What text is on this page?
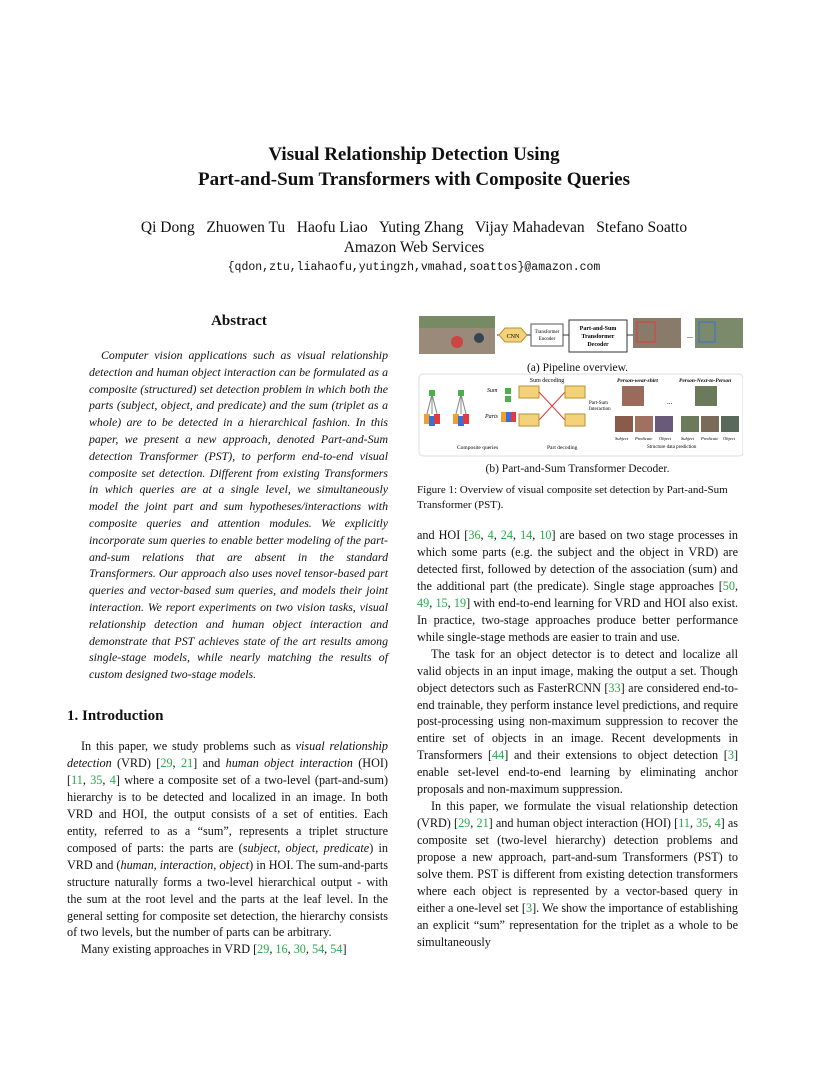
Visual Relationship Detection Using
Part-and-Sum Transformers with Composite Queries
Qi Dong   Zhuowen Tu   Haofu Liao   Yuting Zhang   Vijay Mahadevan   Stefano Soatto
Amazon Web Services
{qdon,ztu,liahaofu,yutingzh,vmahad,soattos}@amazon.com
Abstract

Computer vision applications such as visual relationship detection and human object interaction can be formulated as a composite (structured) set detection problem in which both the parts (subject, object, and predicate) and the sum (triplet as a whole) are to be detected in a hierarchical fashion. In this paper, we present a new approach, denoted Part-and-Sum detection Transformer (PST), to perform end-to-end visual composite set detection. Different from existing Transformers in which queries are at a single level, we simultaneously model the joint part and sum hypotheses/interactions with composite queries and attention modules. We explicitly incorporate sum queries to enable better modeling of the part-and-sum relations that are absent in the standard Transformers. Our approach also uses novel tensor-based part queries and vector-based sum queries, and models their joint interaction. We report experiments on two vision tasks, visual relationship detection and human object interaction and demonstrate that PST achieves state of the art results among single-stage models, while nearly matching the results of custom designed two-stage models.

CNN
Transformer
Encoder
Part-and-Sum
Transformer
Decoder
...
Sum decoding
Composite queries
Sum
Parts
Part-Sum
Interaction
Part decoding
Person-wear-shirt	Person-Next-to-Person
...
Subject Predicate Object Subject Predicate Object
Structure data prediction
(a) Pipeline overview.
(b) Part-and-Sum Transformer Decoder.
Figure 1: Overview of visual composite set detection by Part-and-Sum Transformer (PST).
1. Introduction

In this paper, we study problems such as visual relationship detection (VRD) [29, 21] and human object interaction (HOI) [11, 35, 4] where a composite set of a two-level (part-and-sum) hierarchy is to be detected and localized in an image. In both VRD and HOI, the output consists of a set of entities. Each entity, referred to as a “sum”, represents a triplet structure composed of parts: the parts are (subject, object, predicate) in VRD and (human, interaction, object) in HOI. The sum-and-parts structure naturally forms a two-level hierarchical output - with the sum at the root level and the parts at the leaf level. In the general setting for composite set detection, the hierarchy consists of two levels, but the number of parts can be arbitrary.

Many existing approaches in VRD [29, 16, 30, 54, 54]

and HOI [36, 4, 24, 14, 10] are based on two stage processes in which some parts (e.g. the subject and the object in VRD) are detected first, followed by detection of the association (sum) and the additional part (the predicate). Single stage approaches [50, 49, 15, 19] with end-to-end learning for VRD and HOI also exist. In practice, two-stage approaches produce better performance while single-stage methods are easier to train and use.

The task for an object detector is to detect and localize all valid objects in an input image, making the output a set. Though object detectors such as FasterRCNN [33] are considered end-to-end trainable, they perform instance level predictions, and require post-processing using non-maximum suppression to recover the entire set of objects in an image. Recent developments in Transformers [44] and their extensions to object detection [3] enable set-level end-to-end learning by eliminating anchor proposals and non-maximum suppression.

In this paper, we formulate the visual relationship detection (VRD) [29, 21] and human object interaction (HOI) [11, 35, 4] as composite set (two-level hierarchy) detection problems and propose a new approach, part-and-sum Transformers (PST) to solve them. PST is different from existing detection transformers where each object is represented by a vector-based query in either a one-level set [3]. We show the importance of establishing an explicit “sum” representation for the triplet as a whole to be simultaneously
